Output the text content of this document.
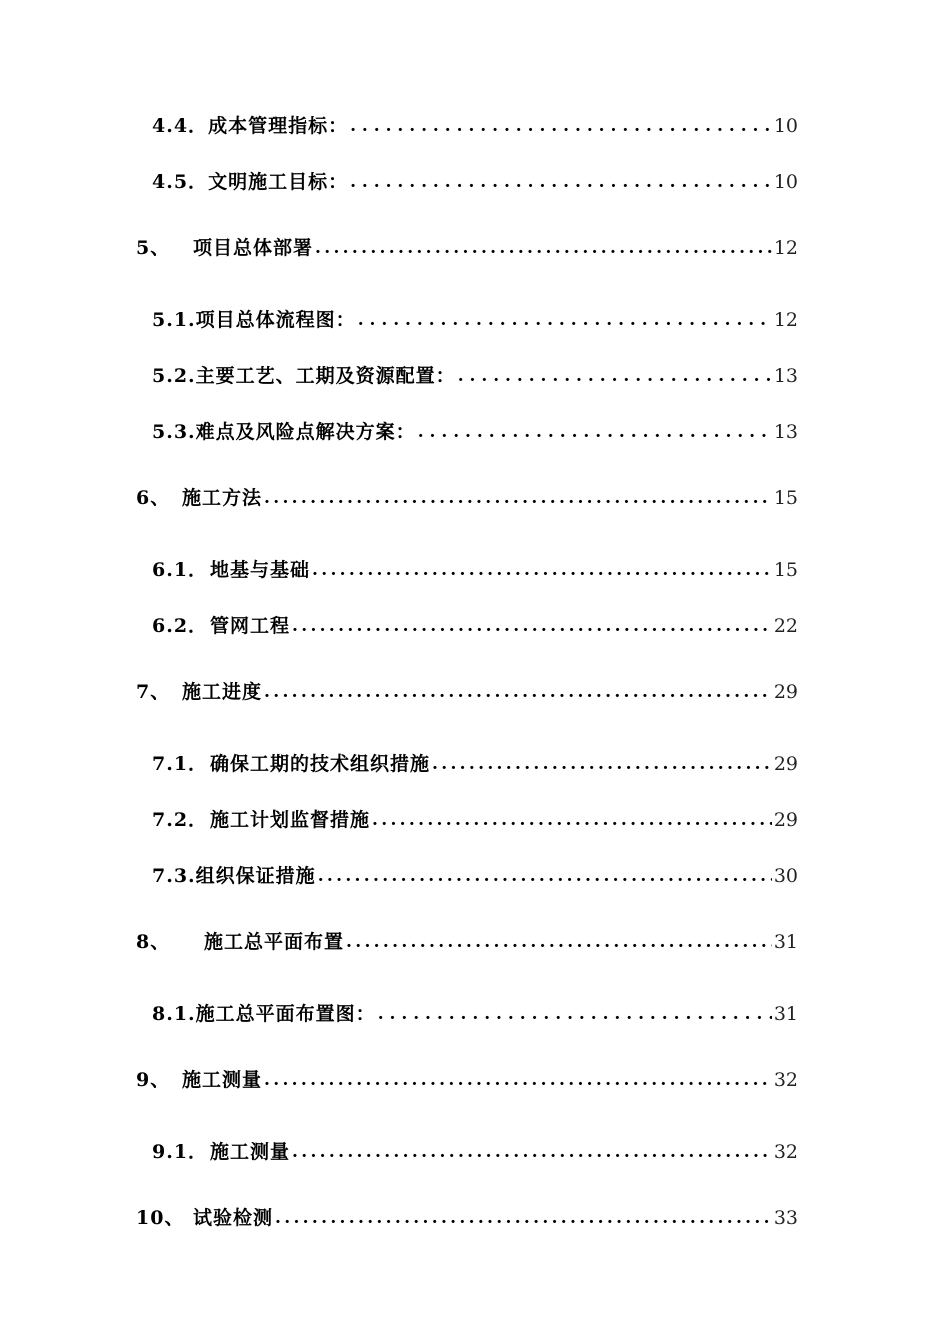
4.4．成本管理指标： . . .	10
4.5．文明施工目标： . . .	10
5、 项目总体部署 .....	12
5.1.项目总体流程图： . . .	12
5.2.主要工艺、工期及资源配置： . . .	13
5.3.难点及风险点解决方案： . . .	13
6、 施工方法 .....	15
6.1． 地基与基础 .....	15
6.2． 管网工程 .....	22
7、 施工进度 .....	29
7.1． 确保工期的技术组织措施 .....	29
7.2． 施工计划监督措施 .....	29
7.3.组织保证措施 .....	30
8、 施工总平面布置 .....	31
8.1.施工总平面布置图： . . .	31
9、 施工测量 .....	32
9.1． 施工测量 .....	32
10、 试验检测 .....	33
